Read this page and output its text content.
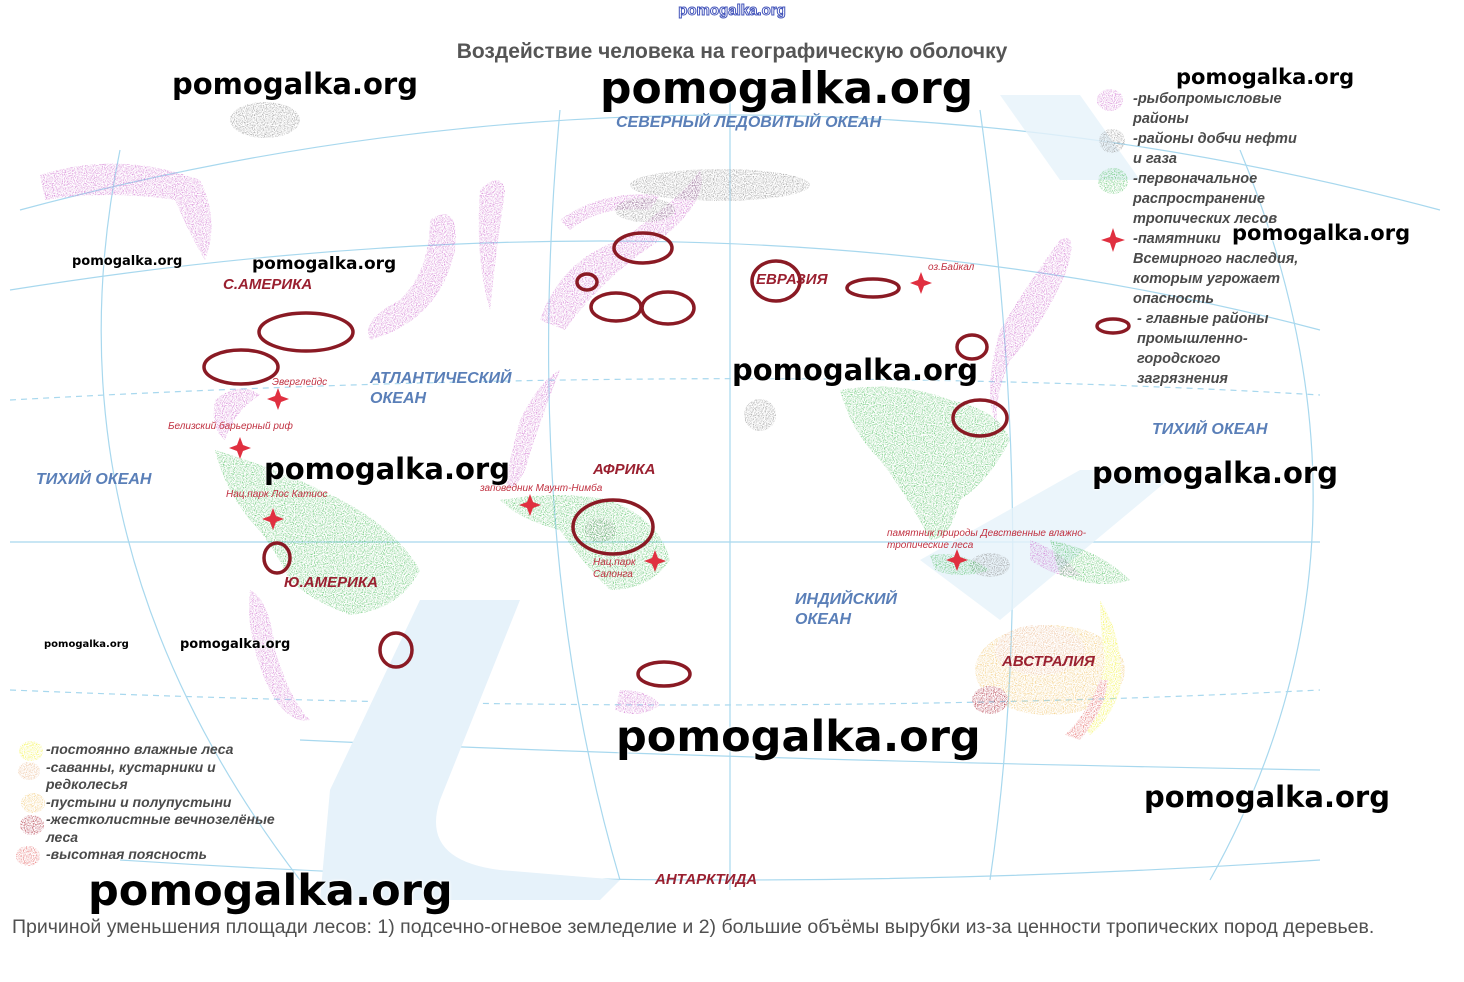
pomogalka.org
Воздействие человека на географическую оболочку
СЕВЕРНЫЙ ЛЕДОВИТЫЙ ОКЕАН
АТЛАНТИЧЕСКИЙ
ОКЕАН
ТИХИЙ ОКЕАН
ТИХИЙ ОКЕАН
ИНДИЙСКИЙ
ОКЕАН
С.АМЕРИКА
Ю.АМЕРИКА
ЕВРАЗИЯ
АФРИКА
АВСТРАЛИЯ
АНТАРКТИДА
оз.Байкал
Эверглейдс
Белизский барьерный риф
Нац.парк Лос Катиос
заповедник Маунт-Нимба
Нац.парк
Салонга
памятник природы Девственные влажно-
тропические леса
-рыбопромысловые
районы
-районы добчи нефти
и газа
-первоначальное
распространение
тропических лесов
-памятники
Всемирного наследия,
которым угрожает
опасность
- главные районы
промышленно-
городского
загрязнения
-постоянно влажные леса
-саванны, кустарники и
редколесья
-пустыни и полупустыни
-жестколистные вечнозелёные
леса
-высотная поясность
pomogalka.org	pomogalka.org	pomogalka.org
pomogalka.org
pomogalka.org	pomogalka.org
pomogalka.org
pomogalka.org	pomogalka.org
pomogalka.org	pomogalka.org
pomogalka.org
pomogalka.org
pomogalka.org
Причиной уменьшения площади лесов: 1) подсечно-огневое земледелие и 2) большие объёмы вырубки из-за ценности тропических пород деревьев.
